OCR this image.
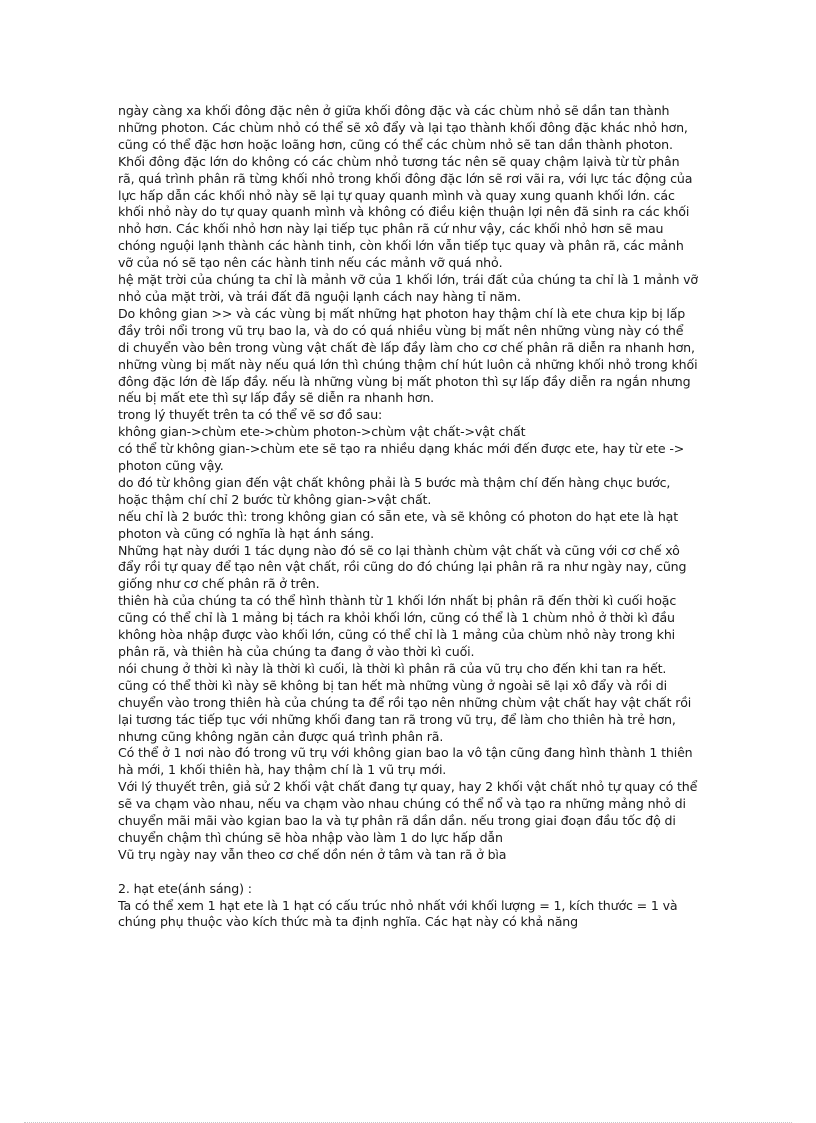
ngày càng xa khối đông đặc nên ở giữa khối đông đặc và các chùm nhỏ sẽ dần tan thành những photon. Các chùm nhỏ có thể sẽ xô đẩy và lại tạo thành khối đông đặc khác nhỏ hơn, cũng có thể đặc hơn hoặc loãng hơn, cũng có thể các chùm nhỏ sẽ tan dần thành photon. Khối đông đặc lớn do không có các chùm nhỏ tương tác nên sẽ quay chậm lạivà từ từ phân rã, quá trình phân rã từng khối nhỏ trong khối đông đặc lớn sẽ rơi vãi ra, với lực tác động của lực hấp dẫn các khối nhỏ này sẽ lại tự quay quanh mình và quay xung quanh khối lớn. các khối nhỏ này do tự quay quanh mình và không có điều kiện thuận lợi nên đã sinh ra các khối nhỏ hơn. Các khối nhỏ hơn này lại tiếp tục phân rã cứ như vậy, các khối nhỏ hơn sẽ mau chóng nguội lạnh thành các hành tinh, còn khối lớn vẫn tiếp tục quay và phân rã, các mảnh vỡ của nó sẽ tạo nên các hành tinh nếu các mảnh vỡ quá nhỏ.

hệ mặt trời của chúng ta chỉ là mảnh vỡ của 1 khối lớn, trái đất của chúng ta chỉ là 1 mảnh vỡ nhỏ của mặt trời, và trái đất đã nguội lạnh cách nay hàng tỉ năm.

Do không gian >> và các vùng bị mất những hạt photon hay thậm chí là ete chưa kịp bị lấp đầy trôi nổi trong vũ trụ bao la, và do có quá nhiều vùng bị mất nên những vùng này có thể di chuyển vào bên trong vùng vật chất đè lấp đầy làm cho cơ chế phân rã diễn ra nhanh hơn, những vùng bị mất này nếu quá lớn thì chúng thậm chí hút luôn cả những khối nhỏ trong khối đông đặc lớn đè lấp đầy. nếu là những vùng bị mất photon thì sự lấp đầy diễn ra ngắn nhưng nếu bị mất ete thì sự lấp đầy sẽ diễn ra nhanh hơn.

trong lý thuyết trên ta có thể vẽ sơ đồ sau:

không gian->chùm ete->chùm photon->chùm vật chất->vật chất

có thể từ không gian->chùm ete sẽ tạo ra nhiều dạng khác mới đến được ete, hay từ ete -> photon cũng vậy.

do đó từ không gian đến vật chất không phải là 5 bước mà thậm chí đến hàng chục bước, hoặc thậm chí chỉ 2 bước từ không gian->vật chất.

nếu chỉ là 2 bước thì: trong không gian có sẵn ete, và sẽ không có photon do hạt ete là hạt photon và cũng có nghĩa là hạt ánh sáng.

Những hạt này dưới 1 tác dụng nào đó sẽ co lại thành chùm vật chất và cũng với cơ chế xô đẩy rồi tự quay để tạo nên vật chất, rồi cũng do đó chúng lại phân rã ra như ngày nay, cũng giống như cơ chế phân rã ở trên.

thiên hà của chúng ta có thể hình thành từ 1 khối lớn nhất bị phân rã đến thời kì cuối hoặc cũng có thể chỉ là 1 mảng bị tách ra khỏi khối lớn, cũng có thể là 1 chùm nhỏ ở thời kì đầu không hòa nhập được vào khối lớn, cũng có thể chỉ là 1 mảng của chùm nhỏ này trong khi phân rã, và thiên hà của chúng ta đang ở vào thời kì cuối.

nói chung ở thời kì này là thời kì cuối, là thời kì phân rã của vũ trụ cho đến khi tan ra hết.

cũng có thể thời kì này sẽ không bị tan hết mà những vùng ở ngoài sẽ lại xô đẩy và rồi di chuyển vào trong thiên hà của chúng ta để rồi tạo nên những chùm vật chất hay vật chất rồi lại tương tác tiếp tục với những khối đang tan rã trong vũ trụ, để làm cho thiên hà trẻ hơn, nhưng cũng không ngăn cản được quá trình phân rã.

Có thể ở 1 nơi nào đó trong vũ trụ với không gian bao la vô tận cũng đang hình thành 1 thiên hà mới, 1 khối thiên hà, hay thậm chí là 1 vũ trụ mới.

Với lý thuyết trên, giả sử 2 khối vật chất đang tự quay, hay 2 khối vật chất nhỏ tự quay có thể sẽ va chạm vào nhau, nếu va chạm vào nhau chúng có thể nổ và tạo ra những mảng nhỏ di chuyển mãi mãi vào kgian bao la và tự phân rã dần dần. nếu trong giai đoạn đầu tốc độ di chuyển chậm thì chúng sẽ hòa nhập vào làm 1 do lực hấp dẫn

Vũ trụ ngày nay vẫn theo cơ chế dồn nén ở tâm và tan rã ở bìa

2. hạt ete(ánh sáng) :

Ta có thể xem 1 hạt ete là 1 hạt có cấu trúc nhỏ nhất với khối lượng = 1, kích thước = 1 và chúng phụ thuộc vào kích thức mà ta định nghĩa. Các hạt này có khả năng
